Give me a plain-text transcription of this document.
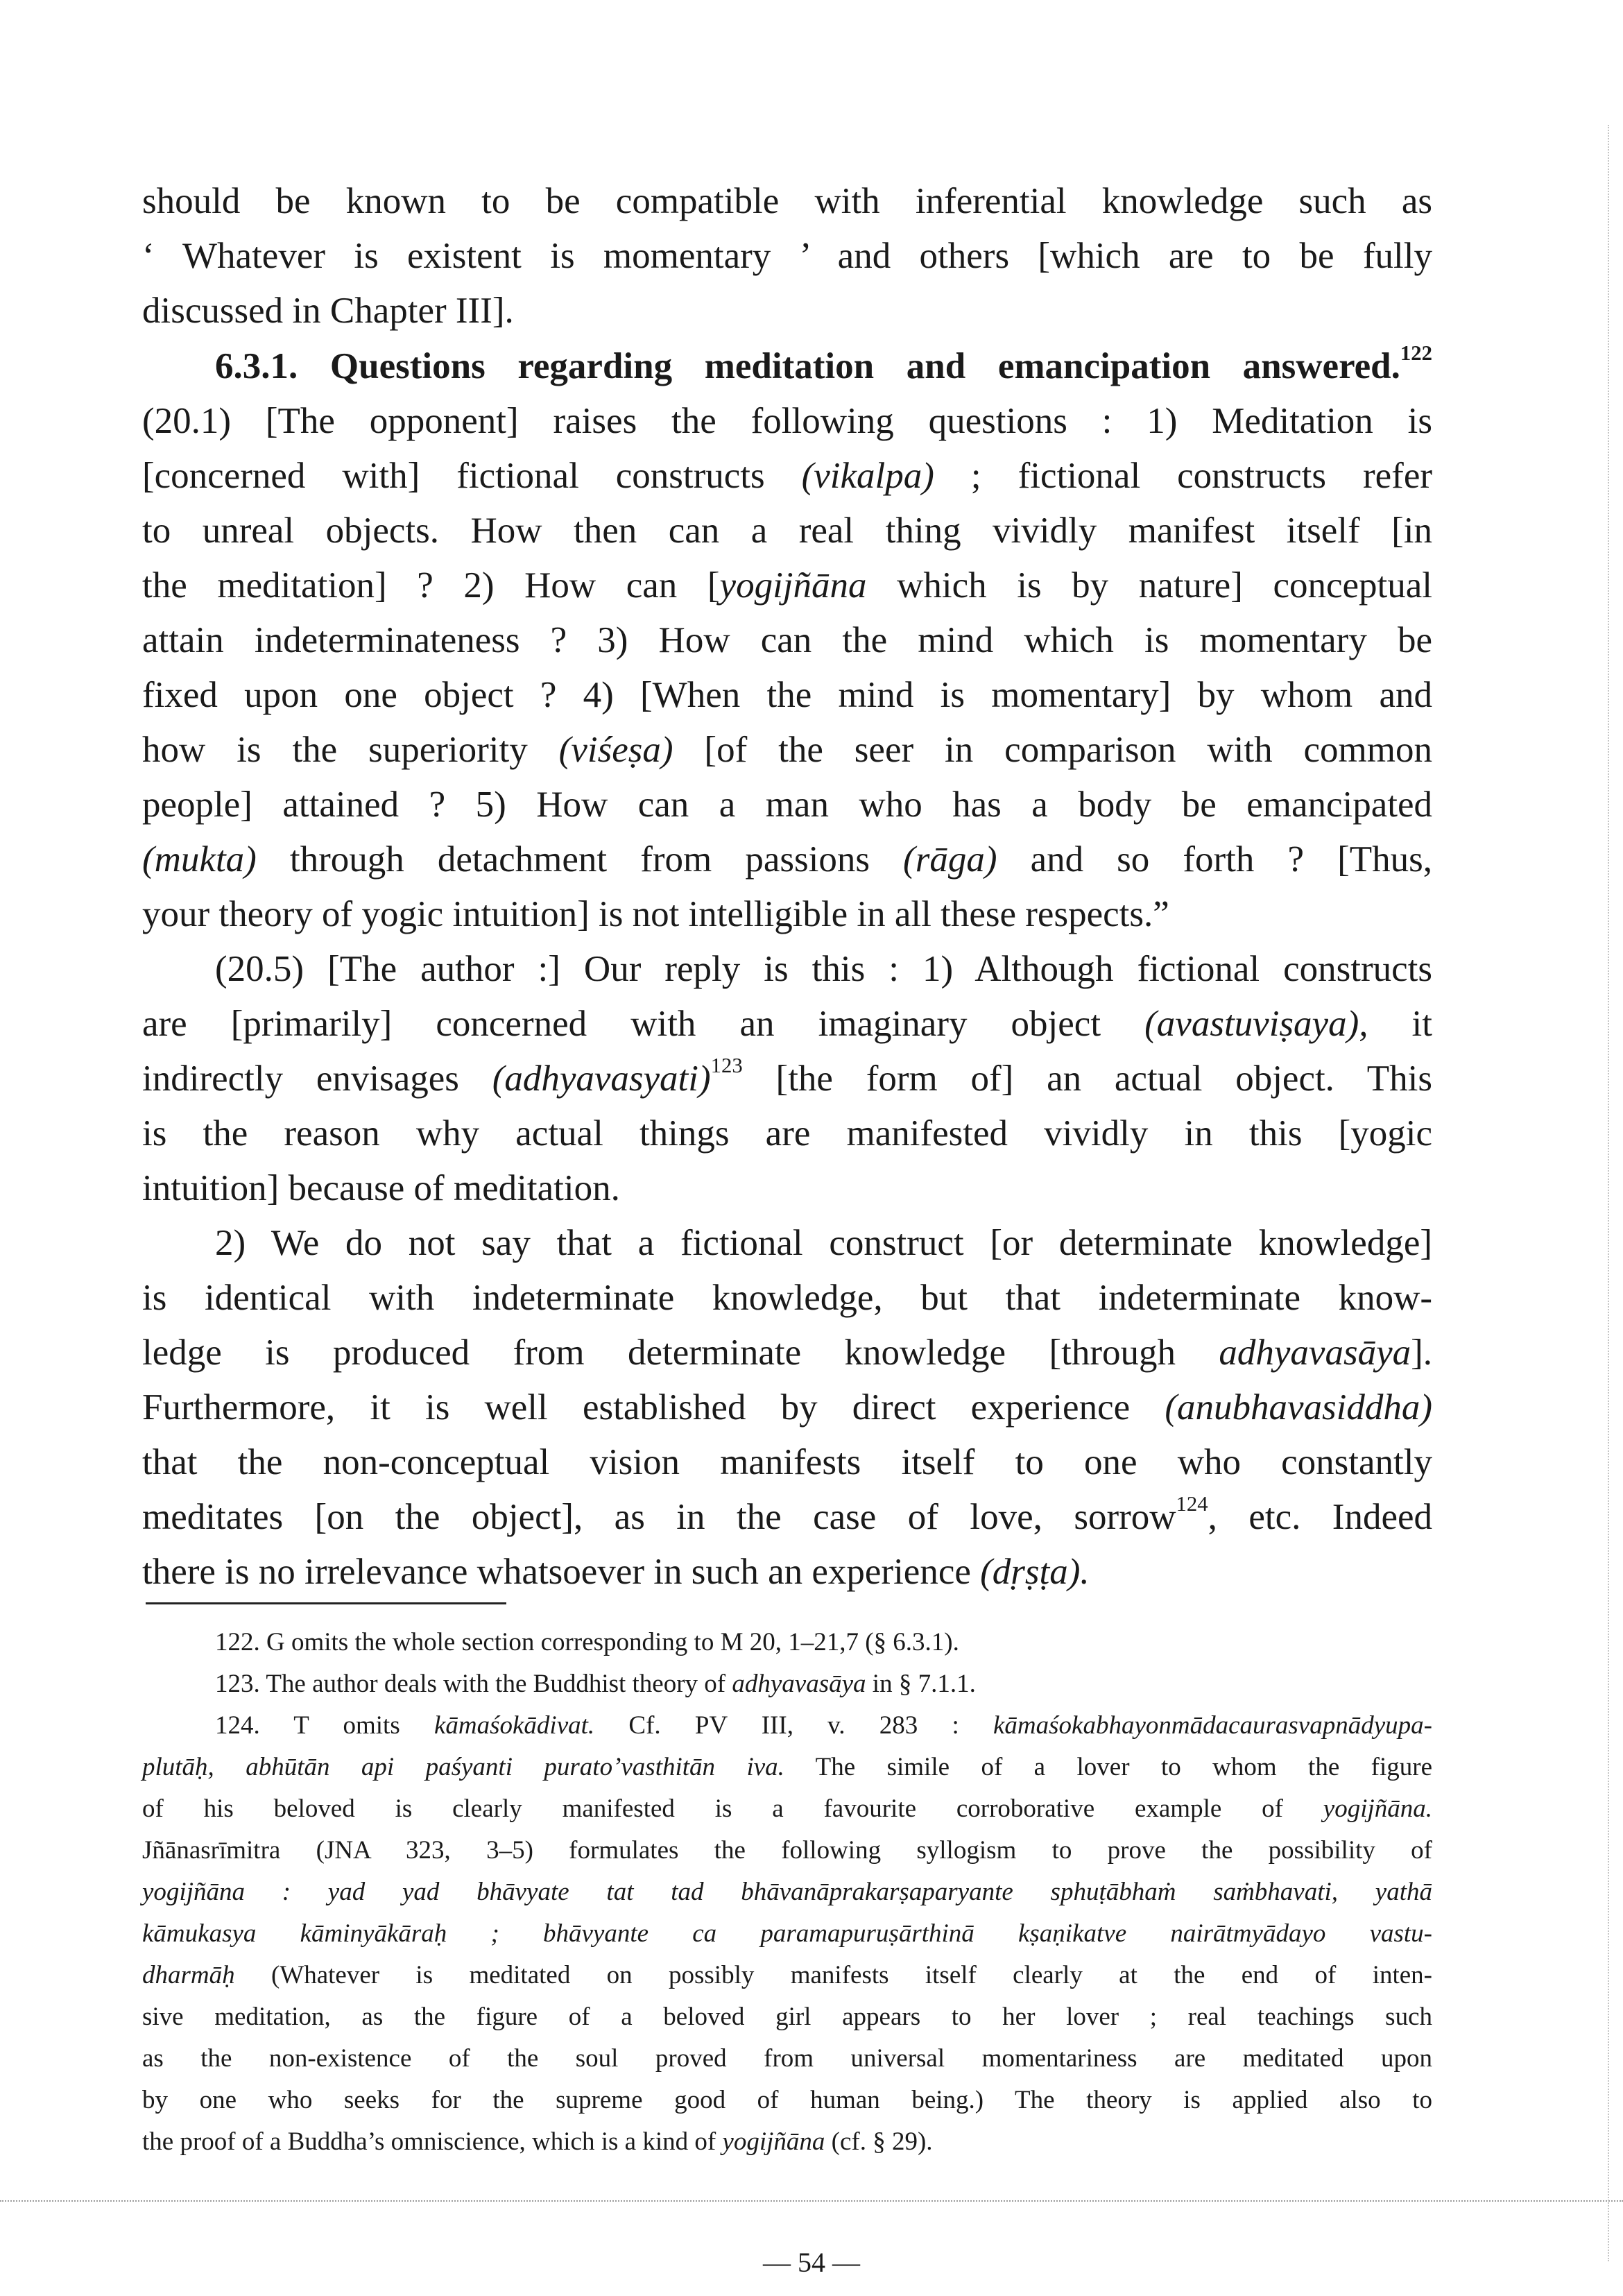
should be known to be compatible with inferential knowledge such as
‘ Whatever is existent is momentary ’ and others [which are to be fully
discussed in Chapter III].
6.3.1. Questions regarding meditation and emancipation answered.$^{122}$
(20.1) [The opponent] raises the following questions : 1) Meditation is
[concerned with] fictional constructs (vikalpa) ; fictional constructs refer
to unreal objects. How then can a real thing vividly manifest itself [in
the meditation] ? 2) How can [yogijñāna which is by nature] conceptual
attain indeterminateness ? 3) How can the mind which is momentary be
fixed upon one object ? 4) [When the mind is momentary] by whom and
how is the superiority (viśeṣa) [of the seer in comparison with common
people] attained ? 5) How can a man who has a body be emancipated
(mukta) through detachment from passions (rāga) and so forth ? [Thus,
your theory of yogic intuition] is not intelligible in all these respects.”
(20.5) [The author :] Our reply is this : 1) Although fictional constructs
are [primarily] concerned with an imaginary object (avastuviṣaya), it
indirectly envisages (adhyavasyati)$^{123}$ [the form of] an actual object. This
is the reason why actual things are manifested vividly in this [yogic
intuition] because of meditation.
2) We do not say that a fictional construct [or determinate knowledge]
is identical with indeterminate knowledge, but that indeterminate know-
ledge is produced from determinate knowledge [through adhyavasāya].
Furthermore, it is well established by direct experience (anubhavasiddha)
that the non-conceptual vision manifests itself to one who constantly
meditates [on the object], as in the case of love, sorrow$^{124}$, etc. Indeed
there is no irrelevance whatsoever in such an experience (dṛṣṭa).
122. G omits the whole section corresponding to M 20, 1–21,7 (§ 6.3.1).
123. The author deals with the Buddhist theory of adhyavasāya in § 7.1.1.
124. T omits kāmaśokādivat. Cf. PV III, v. 283 : kāmaśokabhayonmādacaurasvapnādyupa-
plutāḥ, abhūtān api paśyanti purato’vasthitān iva. The simile of a lover to whom the figure
of his beloved is clearly manifested is a favourite corroborative example of yogijñāna.
Jñānasrīmitra (JNA 323, 3–5) formulates the following syllogism to prove the possibility of
yogijñāna : yad yad bhāvyate tat tad bhāvanāprakarṣaparyante sphuṭābhaṁ saṁbhavati, yathā
kāmukasya kāminyākāraḥ ; bhāvyante ca paramapuruṣārthinā kṣaṇikatve nairātmyādayo vastu-
dharmāḥ (Whatever is meditated on possibly manifests itself clearly at the end of inten-
sive meditation, as the figure of a beloved girl appears to her lover ; real teachings such
as the non-existence of the soul proved from universal momentariness are meditated upon
by one who seeks for the supreme good of human being.) The theory is applied also to
the proof of a Buddha’s omniscience, which is a kind of yogijñāna (cf. § 29).
— 54 —
